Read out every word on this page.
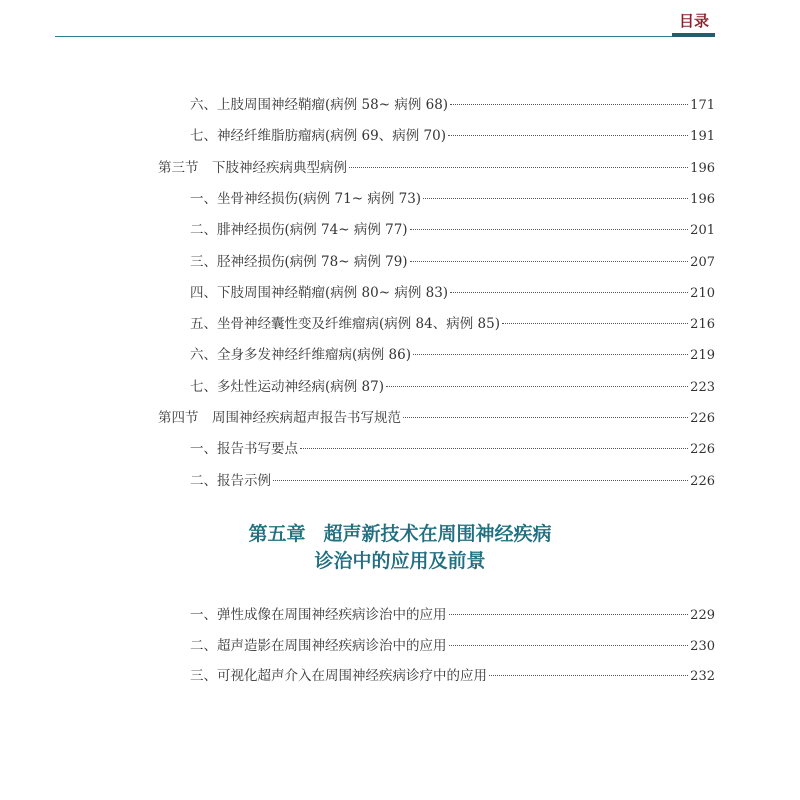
目录
六、上肢周围神经鞘瘤(病例 58~ 病例 68)	171
七、神经纤维脂肪瘤病(病例 69、病例 70)	191
第三节　下肢神经疾病典型病例	196
一、坐骨神经损伤(病例 71~ 病例 73)	196
二、腓神经损伤(病例 74~ 病例 77)	201
三、胫神经损伤(病例 78~ 病例 79)	207
四、下肢周围神经鞘瘤(病例 80~ 病例 83)	210
五、坐骨神经囊性变及纤维瘤病(病例 84、病例 85)	216
六、全身多发神经纤维瘤病(病例 86)	219
七、多灶性运动神经病(病例 87)	223
第四节　周围神经疾病超声报告书写规范	226
一、报告书写要点	226
二、报告示例	226
一、弹性成像在周围神经疾病诊治中的应用	229
二、超声造影在周围神经疾病诊治中的应用	230
三、可视化超声介入在周围神经疾病诊疗中的应用	232
第五章 超声新技术在周围神经疾病
诊治中的应用及前景
